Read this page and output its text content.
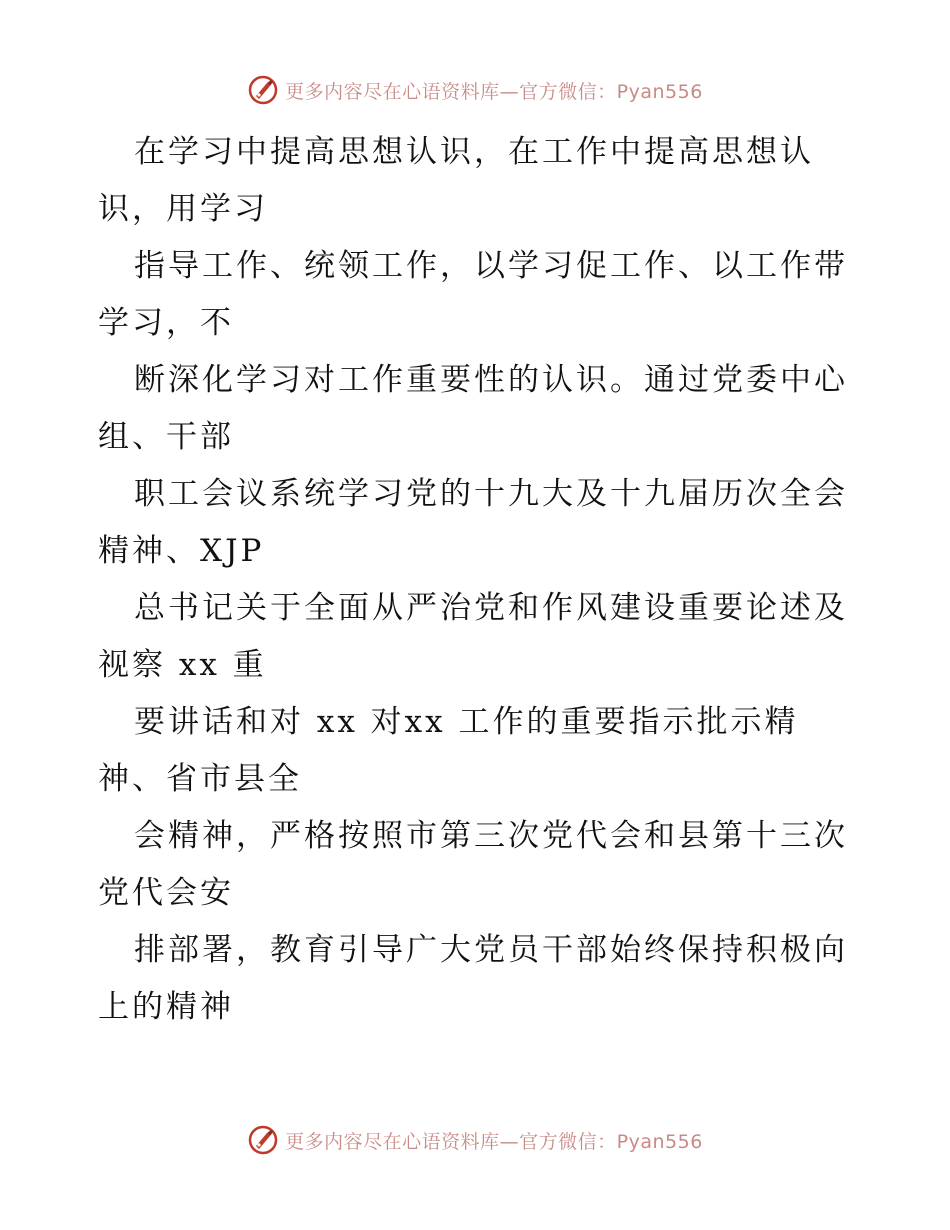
更多内容尽在心语资料库—官方微信：Pyan556

在学习中提高思想认识，在工作中提高思想认
识，用学习

指导工作、统领工作，以学习促工作、以工作带
学习，不

断深化学习对工作重要性的认识。通过党委中心
组、干部

职工会议系统学习党的十九大及十九届历次全会
精神、XJP

总书记关于全面从严治党和作风建设重要论述及
视察 xx 重

要讲话和对 xx 对xx 工作的重要指示批示精
神、省市县全

会精神，严格按照市第三次党代会和县第十三次
党代会安

排部署，教育引导广大党员干部始终保持积极向
上的精神

更多内容尽在心语资料库—官方微信：Pyan556
